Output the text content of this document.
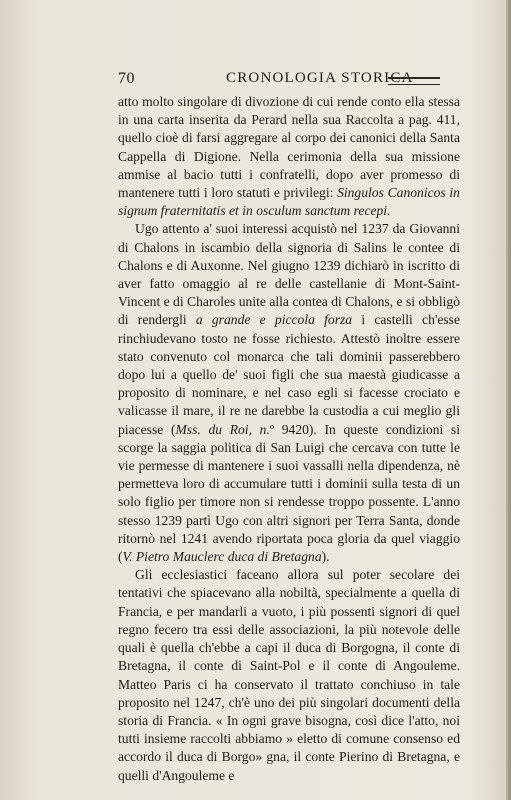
70	CRONOLOGIA STORICA

atto molto singolare di divozione di cui rende conto ella stessa in una carta inserita da Perard nella sua Raccolta a pag. 411, quello cioè di farsi aggregare al corpo dei canonici della Santa Cappella di Digione. Nella cerimonia della sua missione ammise al bacio tutti i confratelli, dopo aver promesso di mantenere tutti i loro statuti e privilegi: Singulos Canonicos in signum fraternitatis et in osculum sanctum recepi.

Ugo attento a' suoi interessi acquistò nel 1237 da Giovanni di Chalons in iscambio della signoria di Salins le contee di Chalons e di Auxonne. Nel giugno 1239 dichiarò in iscritto di aver fatto omaggio al re delle castellanie di Mont-Saint-Vincent e di Charoles unite alla contea di Chalons, e si obbligò di rendergli a grande e piccola forza i castelli ch'esse rinchiudevano tosto ne fosse richiesto. Attestò inoltre essere stato convenuto col monarca che tali dominii passerebbero dopo lui a quello de' suoi figli che sua maestà giudicasse a proposito di nominare, e nel caso egli si facesse crociato e valicasse il mare, il re ne darebbe la custodia a cui meglio gli piacesse (Mss. du Roi, n.º 9420). In queste condizioni si scorge la saggia politica di San Luigi che cercava con tutte le vie permesse di mantenere i suoi vassalli nella dipendenza, nè permetteva loro di accumulare tutti i dominii sulla testa di un solo figlio per timore non si rendesse troppo possente. L'anno stesso 1239 partì Ugo con altri signori per Terra Santa, donde ritornò nel 1241 avendo riportata poca gloria da quel viaggio (V. Pietro Mauclerc duca di Bretagna).

Gli ecclesiastici faceano allora sul poter secolare dei tentativi che spiacevano alla nobiltà, specialmente a quella di Francia, e per mandarli a vuoto, i più possenti signori di quel regno fecero tra essi delle associazioni, la più notevole delle quali è quella ch'ebbe a capi il duca di Borgogna, il conte di Bretagna, il conte di Saint-Pol e il conte di Angouleme. Matteo Paris ci ha conservato il trattato conchiuso in tale proposito nel 1247, ch'è uno dei più singolari documenti della storia di Francia. « In ogni grave bisogna, così dice l'atto, noi tutti insieme raccolti abbiamo » eletto di comune consenso ed accordo il duca di Borgo» gna, il conte Pierino di Bretagna, e quelli d'Angouleme e
